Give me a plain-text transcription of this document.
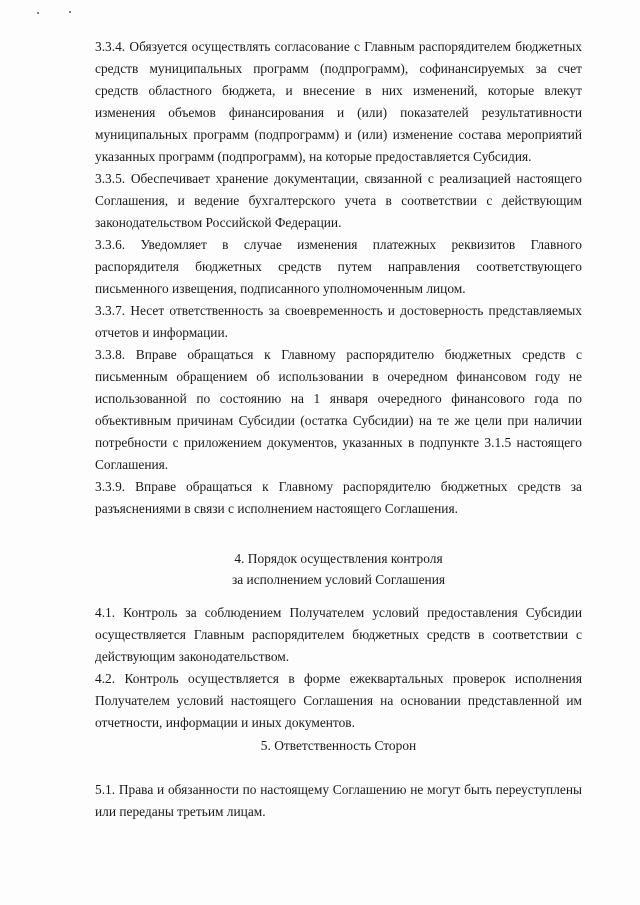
3.3.4. Обязуется осуществлять согласование с Главным распорядителем бюджетных средств муниципальных программ (подпрограмм), софинансируемых за счет средств областного бюджета, и внесение в них изменений, которые влекут изменения объемов финансирования и (или) показателей результативности муниципальных программ (подпрограмм) и (или) изменение состава мероприятий указанных программ (подпрограмм), на которые предоставляется Субсидия.

3.3.5. Обеспечивает хранение документации, связанной с реализацией настоящего Соглашения, и ведение бухгалтерского учета в соответствии с действующим законодательством Российской Федерации.

3.3.6. Уведомляет в случае изменения платежных реквизитов Главного распорядителя бюджетных средств путем направления соответствующего письменного извещения, подписанного уполномоченным лицом.

3.3.7. Несет ответственность за своевременность и достоверность представляемых отчетов и информации.

3.3.8. Вправе обращаться к Главному распорядителю бюджетных средств с письменным обращением об использовании в очередном финансовом году не использованной по состоянию на 1 января очередного финансового года по объективным причинам Субсидии (остатка Субсидии) на те же цели при наличии потребности с приложением документов, указанных в подпункте 3.1.5 настоящего Соглашения.

3.3.9. Вправе обращаться к Главному распорядителю бюджетных средств за разъяснениями в связи с исполнением настоящего Соглашения.

4. Порядок осуществления контроля
за исполнением условий Соглашения

4.1. Контроль за соблюдением Получателем условий предоставления Субсидии осуществляется Главным распорядителем бюджетных средств в соответствии с действующим законодательством.

4.2. Контроль осуществляется в форме ежеквартальных проверок исполнения Получателем условий настоящего Соглашения на основании представленной им отчетности, информации и иных документов.

5. Ответственность Сторон

5.1. Права и обязанности по настоящему Соглашению не могут быть переуступлены или переданы третьим лицам.
